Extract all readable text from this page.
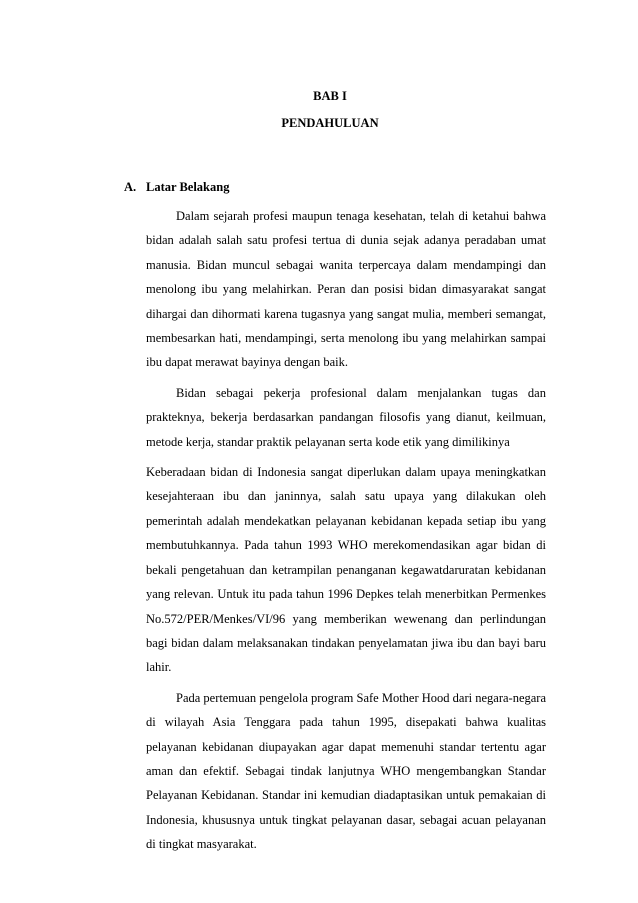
BAB I
PENDAHULUAN
A. Latar Belakang

Dalam sejarah profesi maupun tenaga kesehatan, telah di ketahui bahwa bidan adalah salah satu profesi tertua di dunia sejak adanya peradaban umat manusia. Bidan muncul sebagai wanita terpercaya dalam mendampingi dan menolong ibu yang melahirkan. Peran dan posisi bidan dimasyarakat sangat dihargai dan dihormati karena tugasnya yang sangat mulia, memberi semangat, membesarkan hati, mendampingi, serta menolong ibu yang melahirkan sampai ibu dapat merawat bayinya dengan baik.

Bidan sebagai pekerja profesional dalam menjalankan tugas dan prakteknya, bekerja berdasarkan pandangan filosofis yang dianut, keilmuan, metode kerja, standar praktik pelayanan serta kode etik yang dimilikinya

Keberadaan bidan di Indonesia sangat diperlukan dalam upaya meningkatkan kesejahteraan ibu dan janinnya, salah satu upaya yang dilakukan oleh pemerintah adalah mendekatkan pelayanan kebidanan kepada setiap ibu yang membutuhkannya. Pada tahun 1993 WHO merekomendasikan agar bidan di bekali pengetahuan dan ketrampilan penanganan kegawatdaruratan kebidanan yang relevan. Untuk itu pada tahun 1996 Depkes telah menerbitkan Permenkes No.572/PER/Menkes/VI/96 yang memberikan wewenang dan perlindungan bagi bidan dalam melaksanakan tindakan penyelamatan jiwa ibu dan bayi baru lahir.

Pada pertemuan pengelola program Safe Mother Hood dari negara-negara di wilayah Asia Tenggara pada tahun 1995, disepakati bahwa kualitas pelayanan kebidanan diupayakan agar dapat memenuhi standar tertentu agar aman dan efektif. Sebagai tindak lanjutnya WHO mengembangkan Standar Pelayanan Kebidanan. Standar ini kemudian diadaptasikan untuk pemakaian di Indonesia, khususnya untuk tingkat pelayanan dasar, sebagai acuan pelayanan di tingkat masyarakat.
